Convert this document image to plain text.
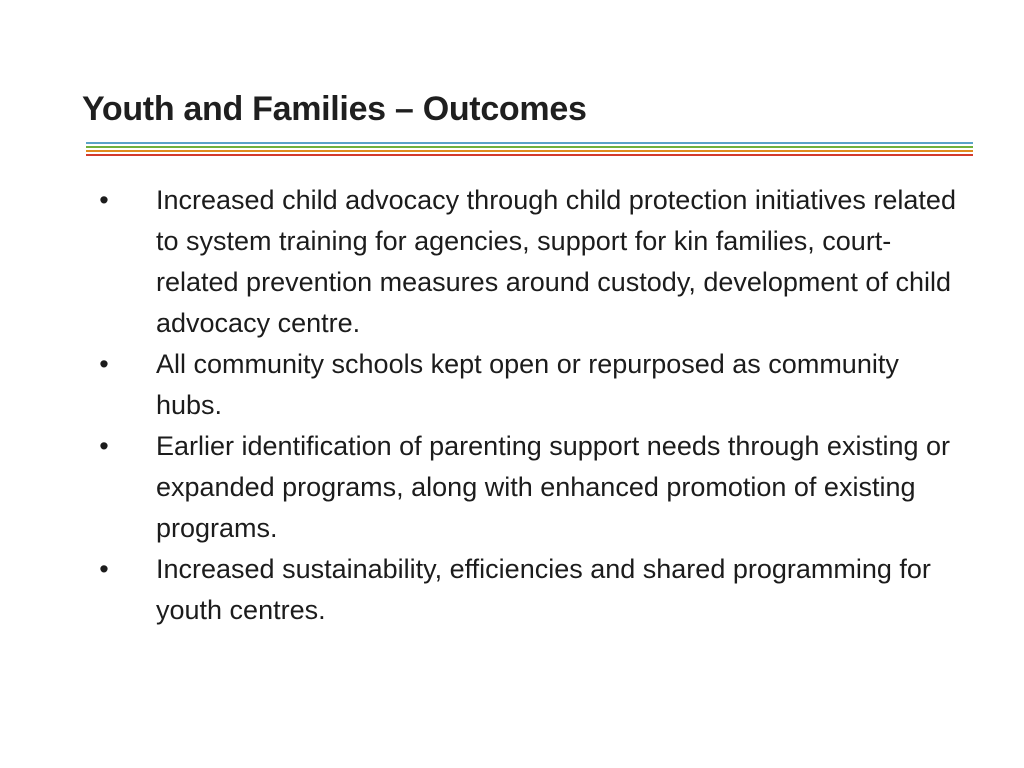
Youth and Families – Outcomes
• Increased child advocacy through child protection initiatives related to system training for agencies, support for kin families, court-related prevention measures around custody, development of child advocacy centre.
• All community schools kept open or repurposed as community hubs.
• Earlier identification of parenting support needs through existing or expanded programs, along with enhanced promotion of existing programs.
• Increased sustainability, efficiencies and shared programming for youth centres.
